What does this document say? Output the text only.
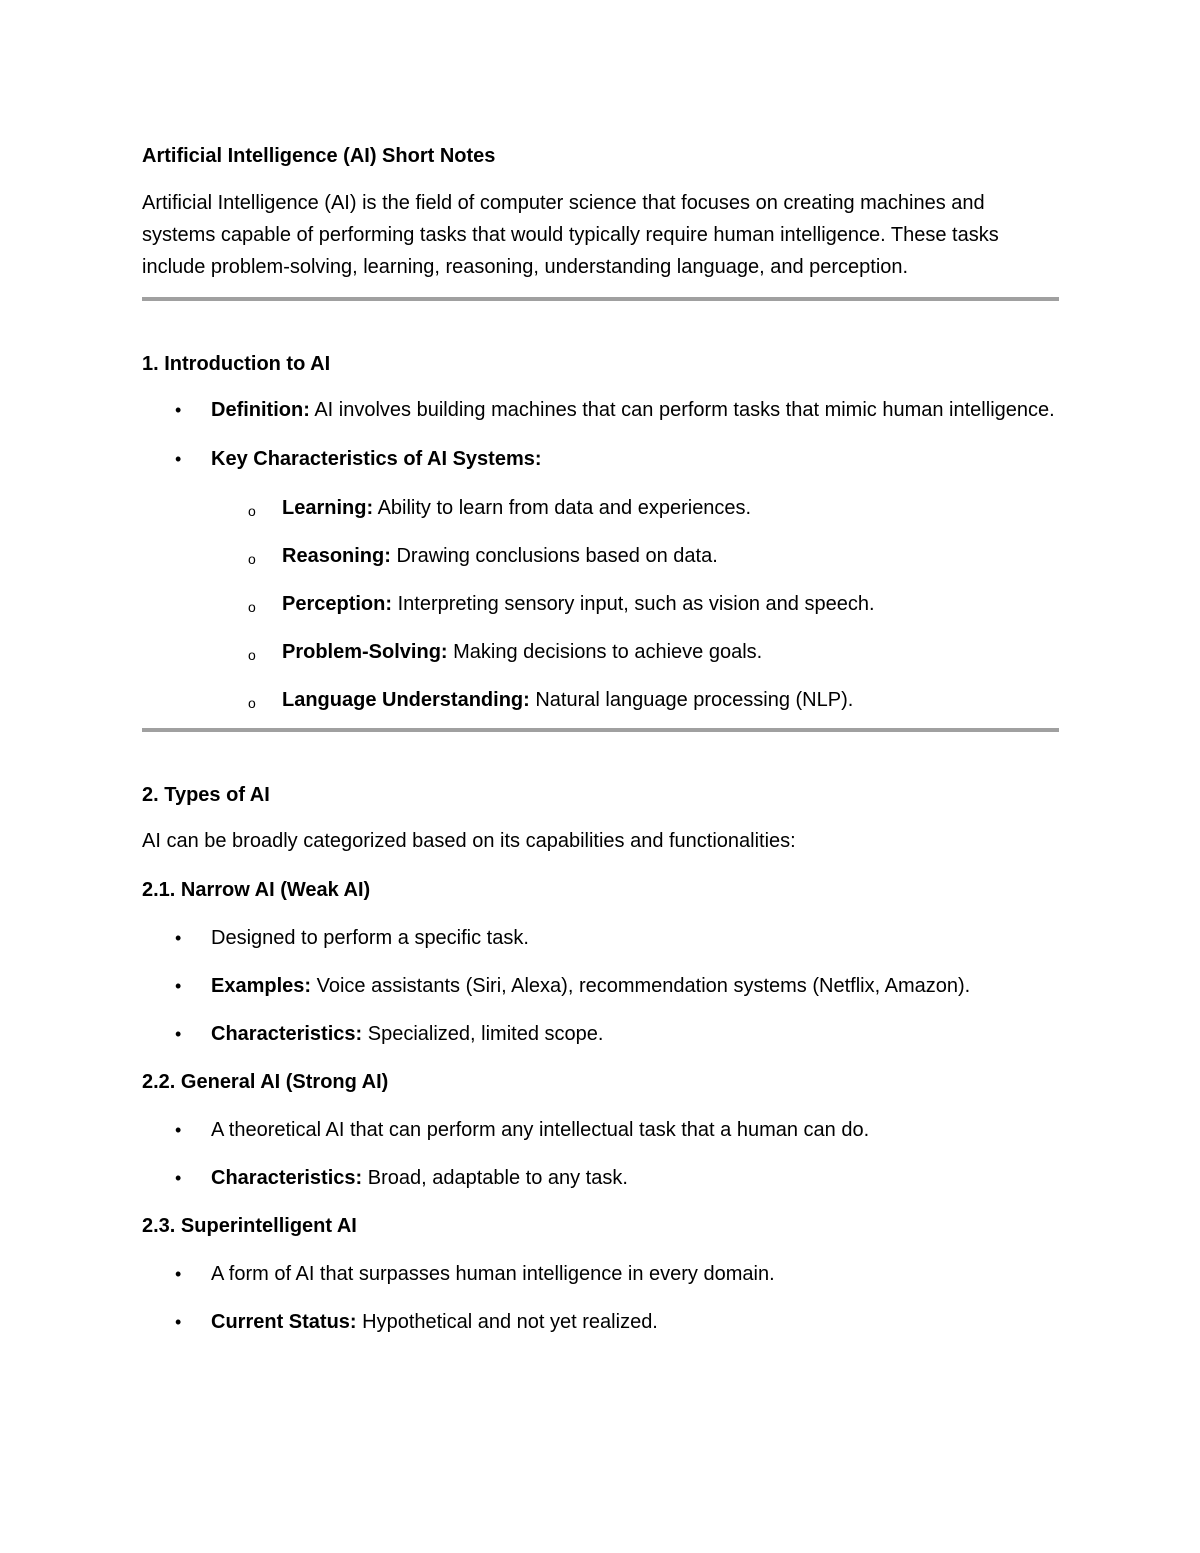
Artificial Intelligence (AI) Short Notes

Artificial Intelligence (AI) is the field of computer science that focuses on creating machines and systems capable of performing tasks that would typically require human intelligence. These tasks include problem-solving, learning, reasoning, understanding language, and perception.

1. Introduction to AI
• Definition: AI involves building machines that can perform tasks that mimic human intelligence.
• Key Characteristics of AI Systems:
o Learning: Ability to learn from data and experiences.
o Reasoning: Drawing conclusions based on data.
o Perception: Interpreting sensory input, such as vision and speech.
o Problem-Solving: Making decisions to achieve goals.
o Language Understanding: Natural language processing (NLP).
2. Types of AI

AI can be broadly categorized based on its capabilities and functionalities:

2.1. Narrow AI (Weak AI)
• Designed to perform a specific task.
• Examples: Voice assistants (Siri, Alexa), recommendation systems (Netflix, Amazon).
• Characteristics: Specialized, limited scope.
2.2. General AI (Strong AI)
• A theoretical AI that can perform any intellectual task that a human can do.
• Characteristics: Broad, adaptable to any task.
2.3. Superintelligent AI
• A form of AI that surpasses human intelligence in every domain.
• Current Status: Hypothetical and not yet realized.
